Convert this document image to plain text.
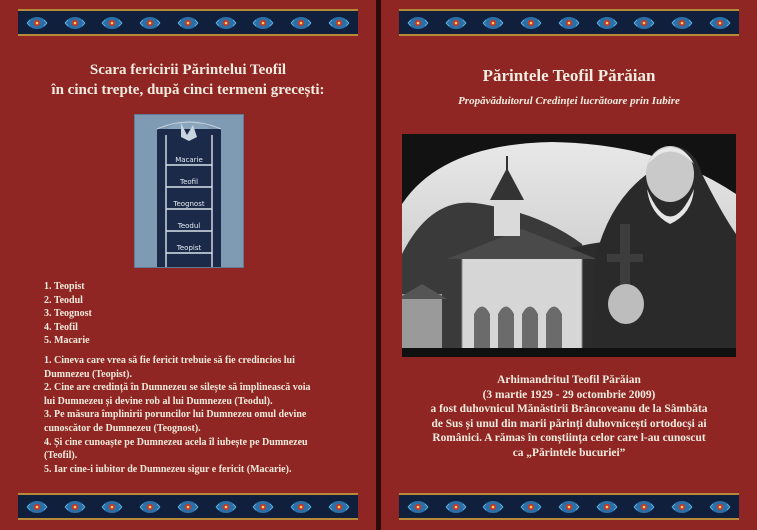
Scara fericirii Părintelui Teofil
în cinci trepte, după cinci termeni grecești:
Macarie
Teofil
Teognost
Teodul
Teopist
1. Teopist
2. Teodul
3. Teognost
4. Teofil
5. Macarie
1. Cineva care vrea să fie fericit trebuie să fie credincios lui
Dumnezeu (Teopist).
2. Cine are credință în Dumnezeu se silește să împlinească voia
lui Dumnezeu și devine rob al lui Dumnezeu (Teodul).
3. Pe măsura împlinirii poruncilor lui Dumnezeu omul devine
cunoscător de Dumnezeu (Teognost).
4. Și cine cunoaște pe Dumnezeu acela îl iubește pe Dumnezeu
(Teofil).
5. Iar cine-i iubitor de Dumnezeu sigur e fericit (Macarie).
Părintele Teofil Părăian

Propăvăduitorul Credinței lucrătoare prin Iubire

Arhimandritul Teofil Părăian
(3 martie 1929 - 29 octombrie 2009)
a fost duhovnicul Mănăstirii Brâncoveanu de la Sâmbăta
de Sus și unul din marii părinți duhovnicești ortodocși ai
Românici. A rămas în conștiința celor care l-au cunoscut
ca „Părintele bucuriei”
